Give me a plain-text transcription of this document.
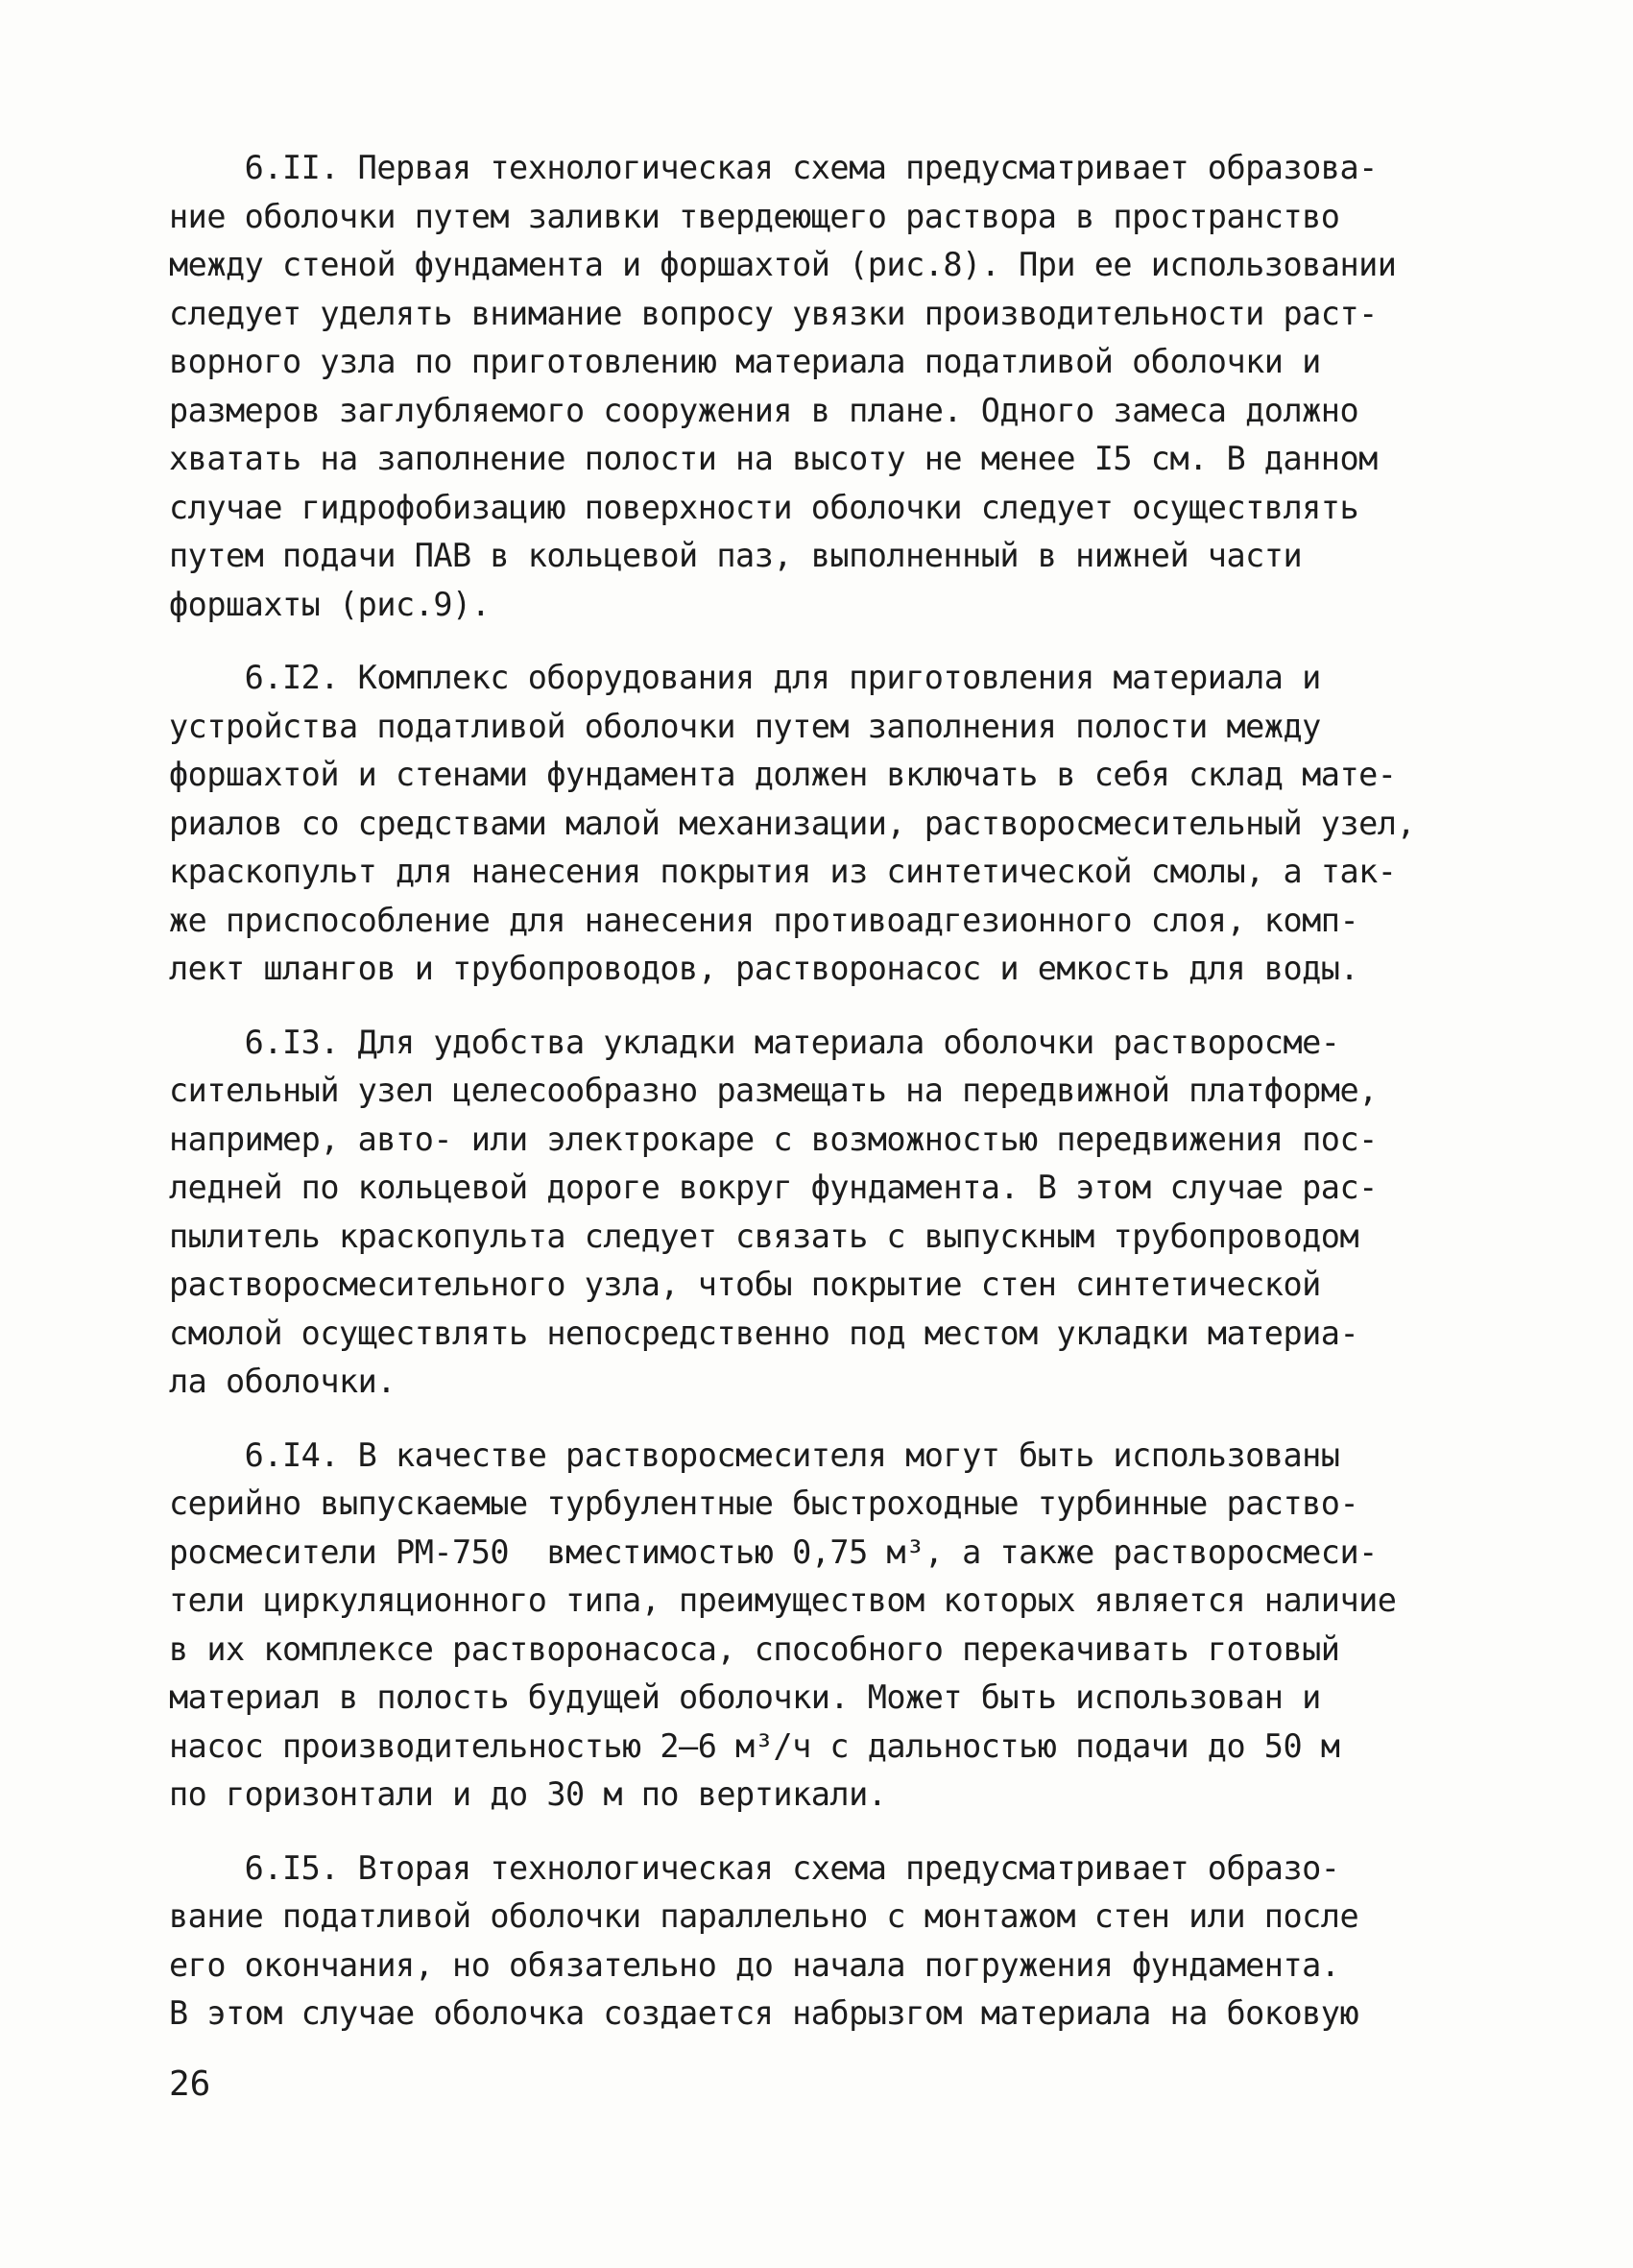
6.II. Первая технологическая схема предусматривает образова-
ние оболочки путем заливки твердеющего раствора в пространство
между стеной фундамента и форшахтой (рис.8). При ее использовании
следует уделять внимание вопросу увязки производительности раст-
ворного узла по приготовлению материала податливой оболочки и
размеров заглубляемого сооружения в плане. Одного замеса должно
хватать на заполнение полости на высоту не менее I5 см. В данном
случае гидрофобизацию поверхности оболочки следует осуществлять
путем подачи ПАВ в кольцевой паз, выполненный в нижней части
форшахты (рис.9).
6.I2. Комплекс оборудования для приготовления материала и
устройства податливой оболочки путем заполнения полости между
форшахтой и стенами фундамента должен включать в себя склад мате-
риалов со средствами малой механизации, растворосмесительный узел,
краскопульт для нанесения покрытия из синтетической смолы, а так-
же приспособление для нанесения противоадгезионного слоя, комп-
лект шлангов и трубопроводов, растворонасос и емкость для воды.
6.I3. Для удобства укладки материала оболочки растворосме-
сительный узел целесообразно размещать на передвижной платформе,
например, авто- или электрокаре с возможностью передвижения пос-
ледней по кольцевой дороге вокруг фундамента. В этом случае рас-
пылитель краскопульта следует связать с выпускным трубопроводом
растворосмесительного узла, чтобы покрытие стен синтетической
смолой осуществлять непосредственно под местом укладки материа-
ла оболочки.
6.I4. В качестве растворосмесителя могут быть использованы
серийно выпускаемые турбулентные быстроходные турбинные раство-
росмесители РМ-750  вместимостью 0,75 м³, а также растворосмеси-
тели циркуляционного типа, преимуществом которых является наличие
в их комплексе растворонасоса, способного перекачивать готовый
материал в полость будущей оболочки. Может быть использован и
насос производительностью 2–6 м³/ч с дальностью подачи до 50 м
по горизонтали и до 30 м по вертикали.
6.I5. Вторая технологическая схема предусматривает образо-
вание податливой оболочки параллельно с монтажом стен или после
его окончания, но обязательно до начала погружения фундамента.
В этом случае оболочка создается набрызгом материала на боковую
26
